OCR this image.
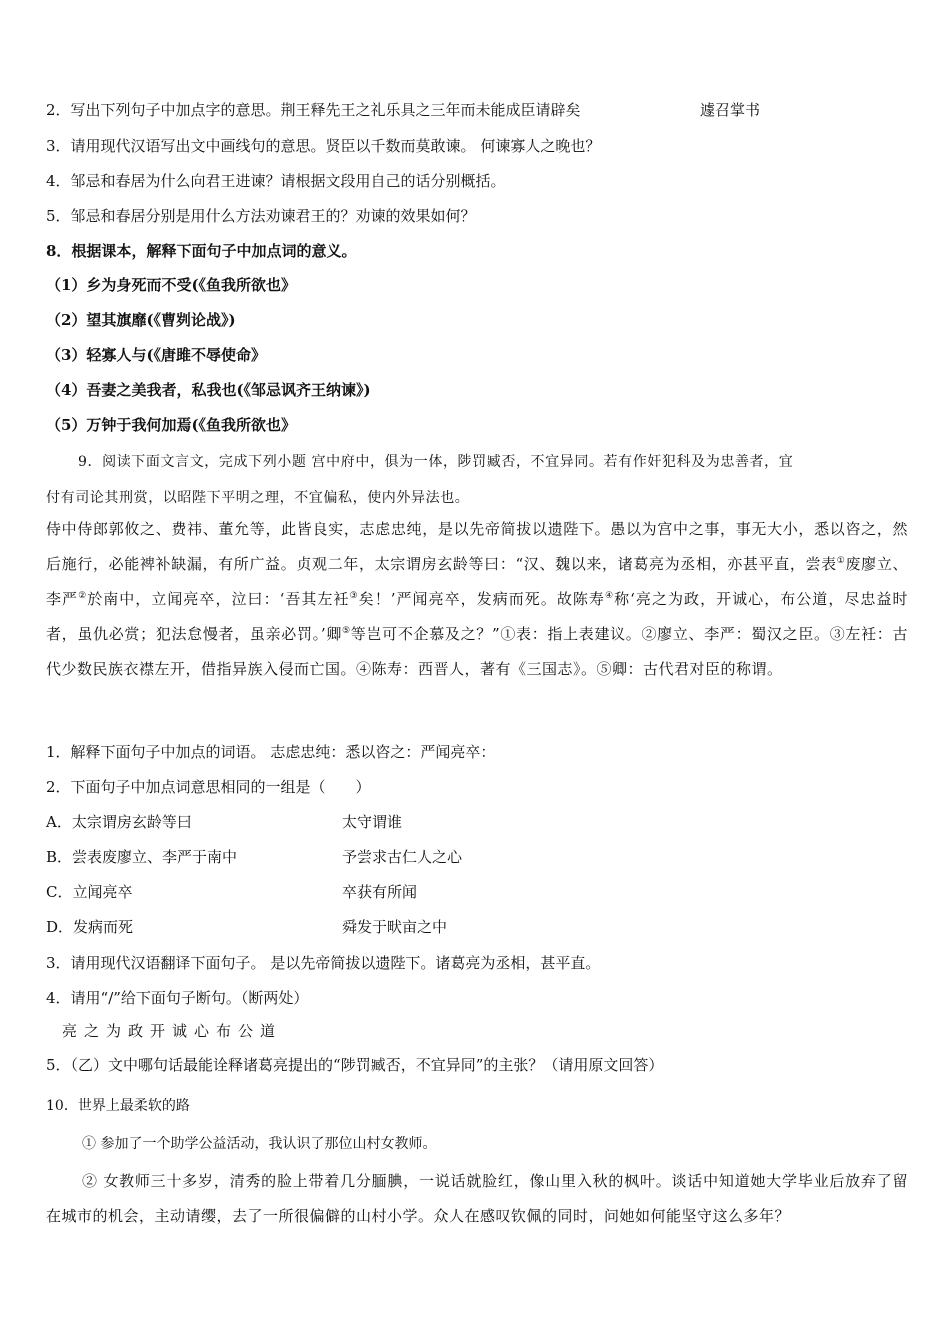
2．写出下列句子中加点字的意思。荆王释先王之礼乐具之三年而未能成臣请辟矣	遽召掌书
3．请用现代汉语写出文中画线句的意思。贤臣以千数而莫敢谏。 何谏寡人之晚也？
4．邹忌和春居为什么向君王进谏？请根据文段用自己的话分别概括。
5．邹忌和春居分别是用什么方法劝谏君王的？劝谏的效果如何？
8．根据课本，解释下面句子中加点词的意义。
（1）乡为身死而不受(《鱼我所欲也》
（2）望其旗靡(《曹刿论战》)
（3）轻寡人与(《唐雎不辱使命》
（4）吾妻之美我者，私我也(《邹忌讽齐王纳谏》)
（5）万钟于我何加焉(《鱼我所欲也》
9．阅读下面文言文，完成下列小题 宫中府中，俱为一体，陟罚臧否，不宜异同。若有作奸犯科及为忠善者，宜
付有司论其刑赏，以昭陛下平明之理，不宜偏私，使内外异法也。

侍中侍郎郭攸之、费祎、董允等，此皆良实，志虑忠纯，是以先帝简拔以遗陛下。愚以为宫中之事，事无大小，悉以咨之，然后施行，必能裨补缺漏，有所广益。贞观二年，太宗谓房玄龄等曰：“汉、魏以来，诸葛亮为丞相，亦甚平直，尝表①废廖立、李严②於南中，立闻亮卒，泣曰：‘吾其左衽③矣！’严闻亮卒，发病而死。故陈寿④称‘亮之为政，开诚心，布公道，尽忠益时者，虽仇必赏；犯法怠慢者，虽亲必罚。’卿⑤等岂可不企慕及之？”①表：指上表建议。②廖立、李严：蜀汉之臣。③左衽：古代少数民族衣襟左开，借指异族入侵而亡国。④陈寿：西晋人，著有《三国志》。⑤卿：古代君对臣的称谓。

1．解释下面句子中加点的词语。 志虑忠纯：悉以咨之：严闻亮卒：
2．下面句子中加点词意思相同的一组是（　　）
A．太宗谓房玄龄等曰	太守谓谁
B．尝表废廖立、李严于南中	予尝求古仁人之心
C．立闻亮卒	卒获有所闻
D．发病而死	舜发于畎亩之中
3．请用现代汉语翻译下面句子。 是以先帝简拔以遗陛下。诸葛亮为丞相，甚平直。
4．请用“/”给下面句子断句。（断两处）
亮之为政开诚心布公道
5．（乙）文中哪句话最能诠释诸葛亮提出的“陟罚臧否，不宜异同”的主张？（请用原文回答）
10．世界上最柔软的路
① 参加了一个助学公益活动，我认识了那位山村女教师。

② 女教师三十多岁，清秀的脸上带着几分腼腆，一说话就脸红，像山里入秋的枫叶。谈话中知道她大学毕业后放弃了留在城市的机会，主动请缨，去了一所很偏僻的山村小学。众人在感叹钦佩的同时，问她如何能坚守这么多年？
